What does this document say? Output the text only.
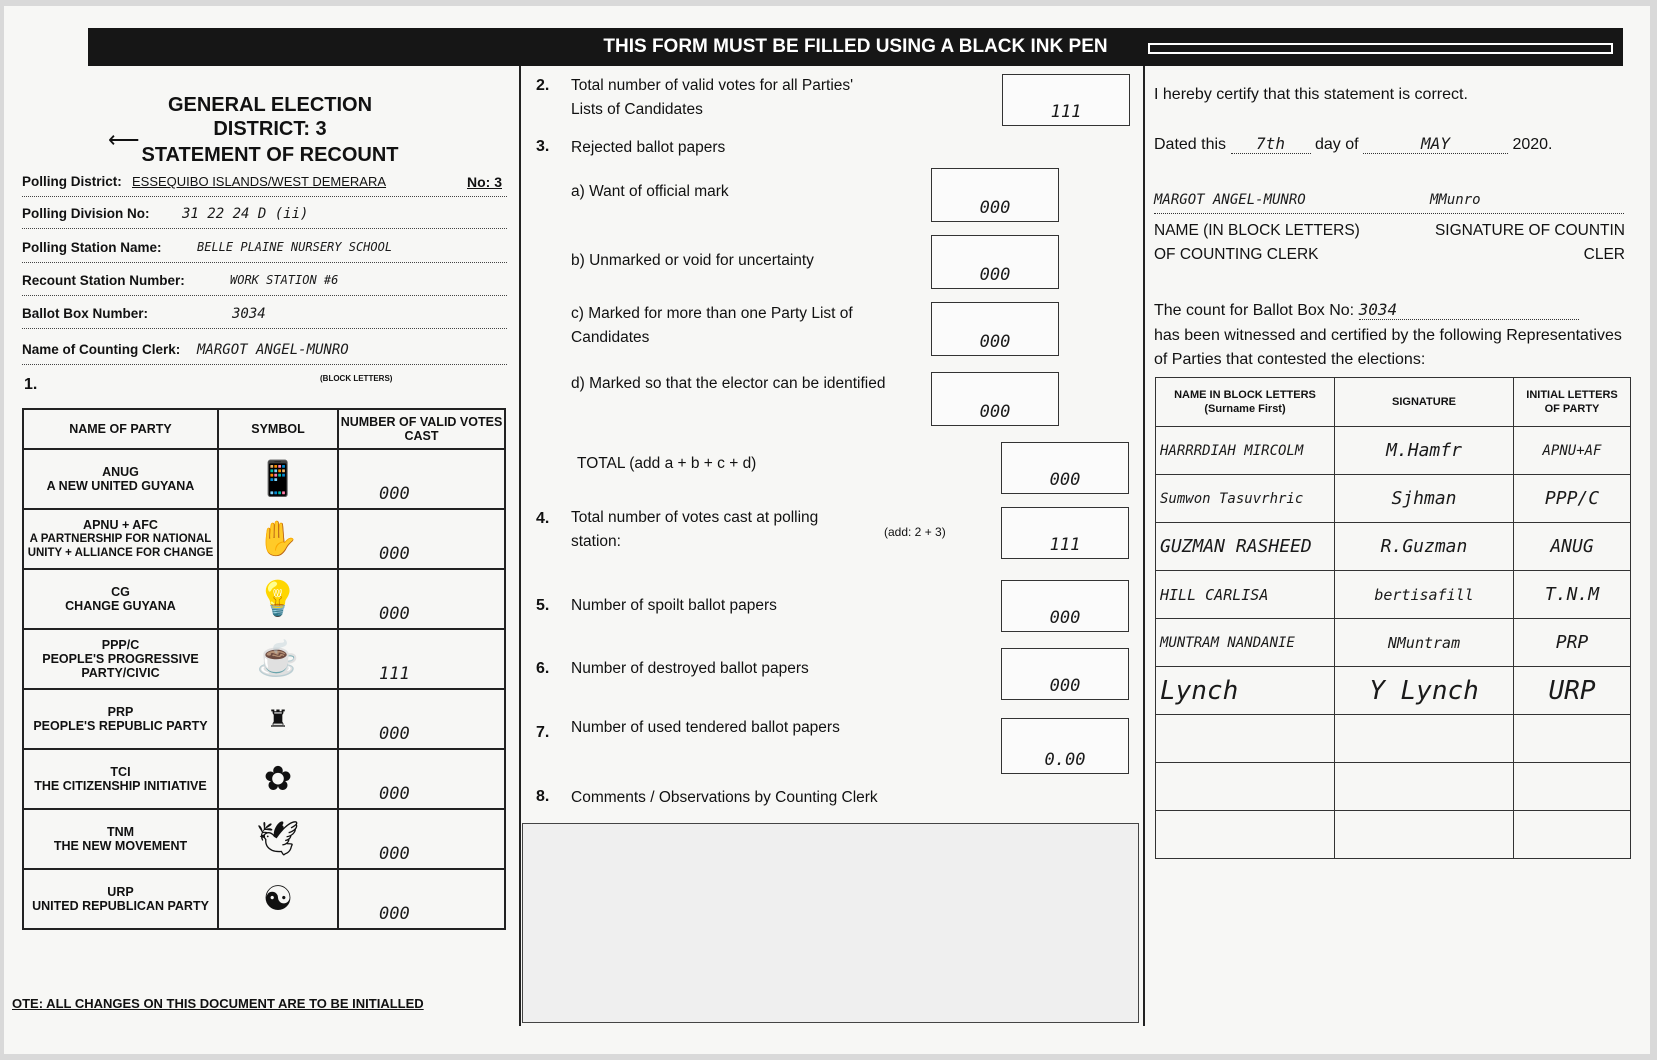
THIS FORM MUST BE FILLED USING A BLACK INK PEN
GENERAL ELECTION
⟵	DISTRICT: 3
STATEMENT OF RECOUNT
Polling District: ESSEQUIBO ISLANDS/WEST DEMERARA	No: 3
Polling Division No: 31 22 24 D (ii)
Polling Station Name:	BELLE PLAINE NURSERY SCHOOL
Recount Station Number:	WORK STATION #6
Ballot Box Number:	3034
Name of Counting Clerk: MARGOT ANGEL-MUNRO
(BLOCK LETTERS)
1.
NAME OF PARTY	SYMBOL	NUMBER OF VALID VOTES CAST

ANUG
A NEW UNITED GUYANA	📱	000

APNU + AFC
A PARTNERSHIP FOR NATIONAL UNITY + ALLIANCE FOR CHANGE	✋	000

CG
CHANGE GUYANA	💡	000

PPP/C
PEOPLE'S PROGRESSIVE PARTY/CIVIC	☕	111

PRP
PEOPLE'S REPUBLIC PARTY	♜	000

TCI
THE CITIZENSHIP INITIATIVE	✿	000

TNM
THE NEW MOVEMENT	🕊	000

URP
UNITED REPUBLICAN PARTY	☯	000
OTE: ALL CHANGES ON THIS DOCUMENT ARE TO BE INITIALLED
2. Total number of valid votes for all Parties' Lists of Candidates	111
3. Rejected ballot papers
a) Want of official mark
000
b) Unmarked or void for uncertainty
000
c) Marked for more than one Party List of Candidates	000
d) Marked so that the elector can be identified
000
TOTAL (add a + b + c + d)
000
4. Total number of votes cast at polling station:
(add: 2 + 3)
111
5. Number of spoilt ballot papers
000
6. Number of destroyed ballot papers
000
7. Number of used tendered ballot papers
0.00
8. Comments / Observations by Counting Clerk
I hereby certify that this statement is correct.
Dated this 7th day of	MAY	2020.
MARGOT ANGEL-MUNRO	MMunro
NAME (IN BLOCK LETTERS) OF COUNTING CLERK
SIGNATURE OF COUNTIN CLER
The count for Ballot Box No: 3034
has been witnessed and certified by the following Representatives of Parties that contested the elections:
NAME IN BLOCK LETTERS (Surname First)	SIGNATURE	INITIAL LETTERS OF PARTY
HARRRDIAH MIRCOLM	M.Hamfr	APNU+AF
Sumwon Tasuvrhric	Sjhman	PPP/C
GUZMAN RASHEED	R.Guzman	ANUG
HILL CARLISA	bertisafill	T.N.M
MUNTRAM NANDANIE	NMuntram	PRP
Lynch	Y Lynch	URP
